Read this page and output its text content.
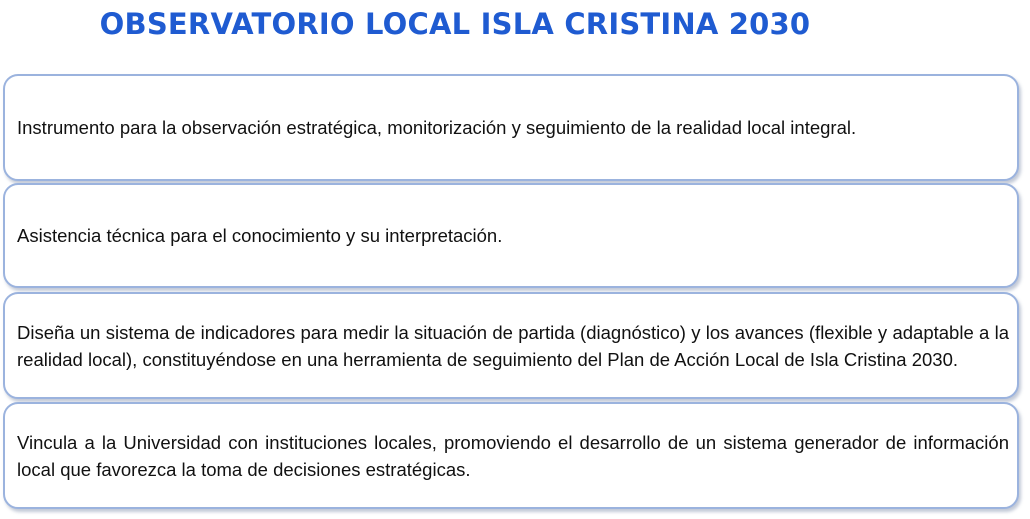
OBSERVATORIO LOCAL ISLA CRISTINA 2030
Instrumento para la observación estratégica, monitorización y seguimiento de la realidad local integral.
Asistencia técnica para el conocimiento y su interpretación.
Diseña un sistema de indicadores para medir la situación de partida (diagnóstico) y los avances (flexible y adaptable a la realidad local), constituyéndose en una herramienta de seguimiento del Plan de Acción Local de Isla Cristina 2030.
Vincula a la Universidad con instituciones locales, promoviendo el desarrollo de un sistema generador de información local que favorezca la toma de decisiones estratégicas.
